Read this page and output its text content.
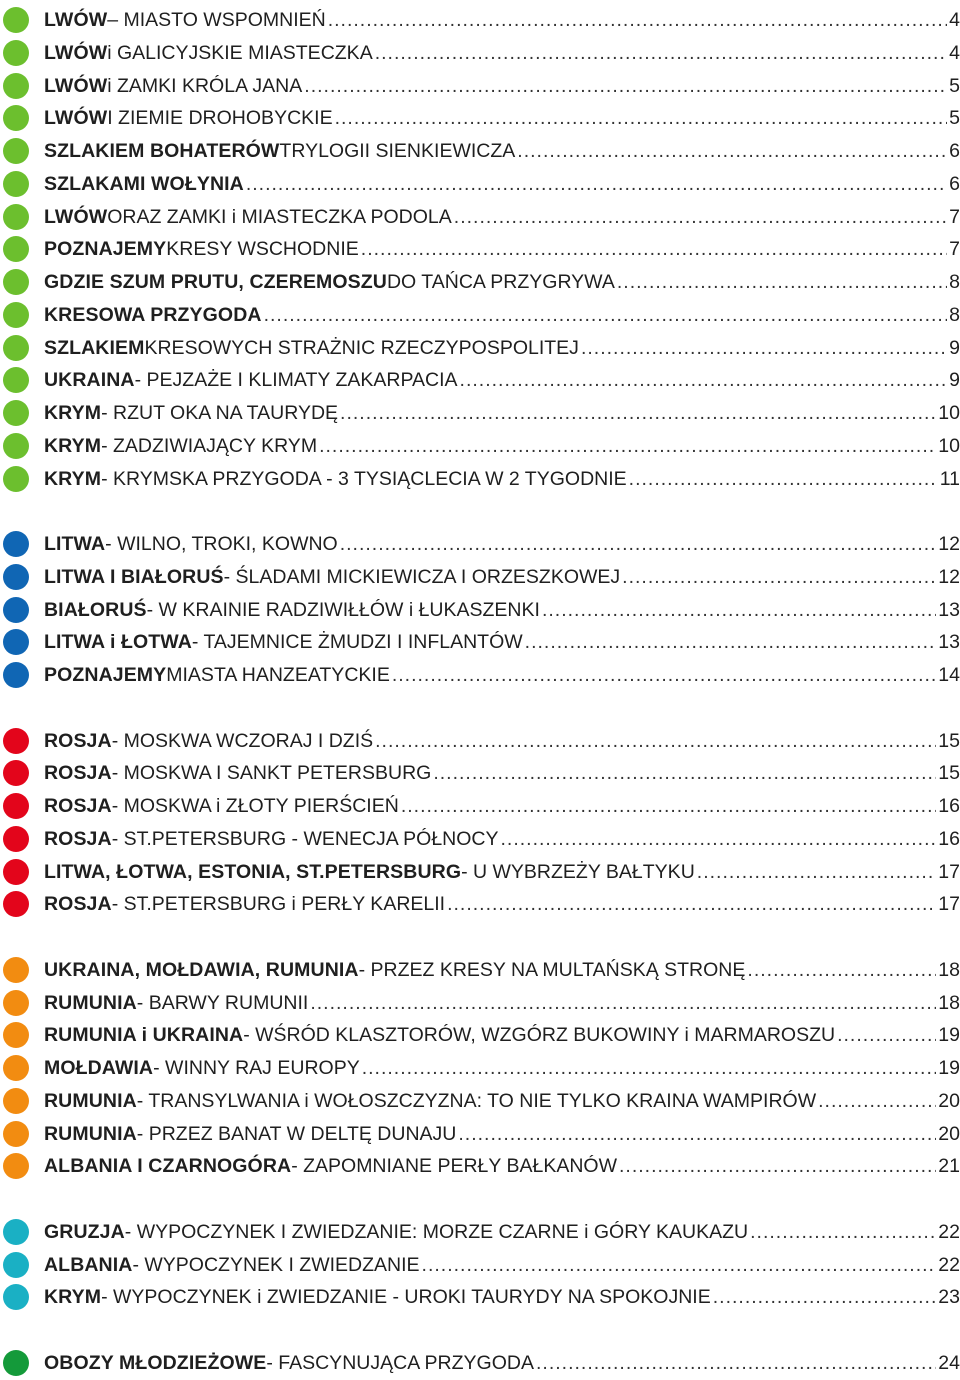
LWÓW – MIASTO WSPOMNIEŃ .....	4
LWÓW i GALICYJSKIE MIASTECZKA .....	4
LWÓW i ZAMKI KRÓLA JANA .....	5
LWÓW I ZIEMIE DROHOBYCKIE .....	5
SZLAKIEM BOHATERÓW TRYLOGII SIENKIEWICZA .....	6
SZLAKAMI WOŁYNIA .....	6
LWÓW ORAZ ZAMKI i MIASTECZKA PODOLA .....	7
POZNAJEMY KRESY WSCHODNIE .....	7
GDZIE SZUM PRUTU, CZEREMOSZU DO TAŃCA PRZYGRYWA .....	8
KRESOWA PRZYGODA .....	8
SZLAKIEM KRESOWYCH STRAŻNIC RZECZYPOSPOLITEJ .....	9
UKRAINA - PEJZAŻE I KLIMATY ZAKARPACIA .....	9
KRYM - RZUT OKA NA TAURYDĘ .....	10
KRYM - ZADZIWIAJĄCY KRYM .....	10
KRYM - KRYMSKA PRZYGODA - 3 TYSIĄCLECIA W 2 TYGODNIE .....	11
LITWA - WILNO, TROKI, KOWNO .....	12
LITWA I BIAŁORUŚ - ŚLADAMI MICKIEWICZA I ORZESZKOWEJ .....	12
BIAŁORUŚ - W KRAINIE RADZIWIŁŁÓW i ŁUKASZENKI .....	13
LITWA i ŁOTWA - TAJEMNICE ŻMUDZI I INFLANTÓW .....	13
POZNAJEMY MIASTA HANZEATYCKIE .....	14
ROSJA - MOSKWA WCZORAJ I DZIŚ .....	15
ROSJA - MOSKWA I SANKT PETERSBURG .....	15
ROSJA - MOSKWA i ZŁOTY PIERŚCIEŃ .....	16
ROSJA - ST.PETERSBURG - WENECJA PÓŁNOCY .....	16
LITWA, ŁOTWA, ESTONIA, ST.PETERSBURG - U WYBRZEŻY BAŁTYKU .....	17
ROSJA - ST.PETERSBURG i PERŁY KARELII .....	17
UKRAINA, MOŁDAWIA, RUMUNIA - PRZEZ KRESY NA MULTAŃSKĄ STRONĘ .....	18
RUMUNIA - BARWY RUMUNII .....	18
RUMUNIA i UKRAINA - WŚRÓD KLASZTORÓW, WZGÓRZ BUKOWINY i MARMAROSZU .....	19
MOŁDAWIA - WINNY RAJ EUROPY .....	19
RUMUNIA - TRANSYLWANIA i WOŁOSZCZYZNA: TO NIE TYLKO KRAINA WAMPIRÓW .....	20
RUMUNIA - PRZEZ BANAT W DELTĘ DUNAJU .....	20
ALBANIA I CZARNOGÓRA - ZAPOMNIANE PERŁY BAŁKANÓW .....	21
GRUZJA - WYPOCZYNEK I ZWIEDZANIE: MORZE CZARNE i GÓRY KAUKAZU .....	22
ALBANIA - WYPOCZYNEK I ZWIEDZANIE .....	22
KRYM - WYPOCZYNEK i ZWIEDZANIE - UROKI TAURYDY NA SPOKOJNIE .....	23
OBOZY MŁODZIEŻOWE - FASCYNUJĄCA PRZYGODA .....	24
